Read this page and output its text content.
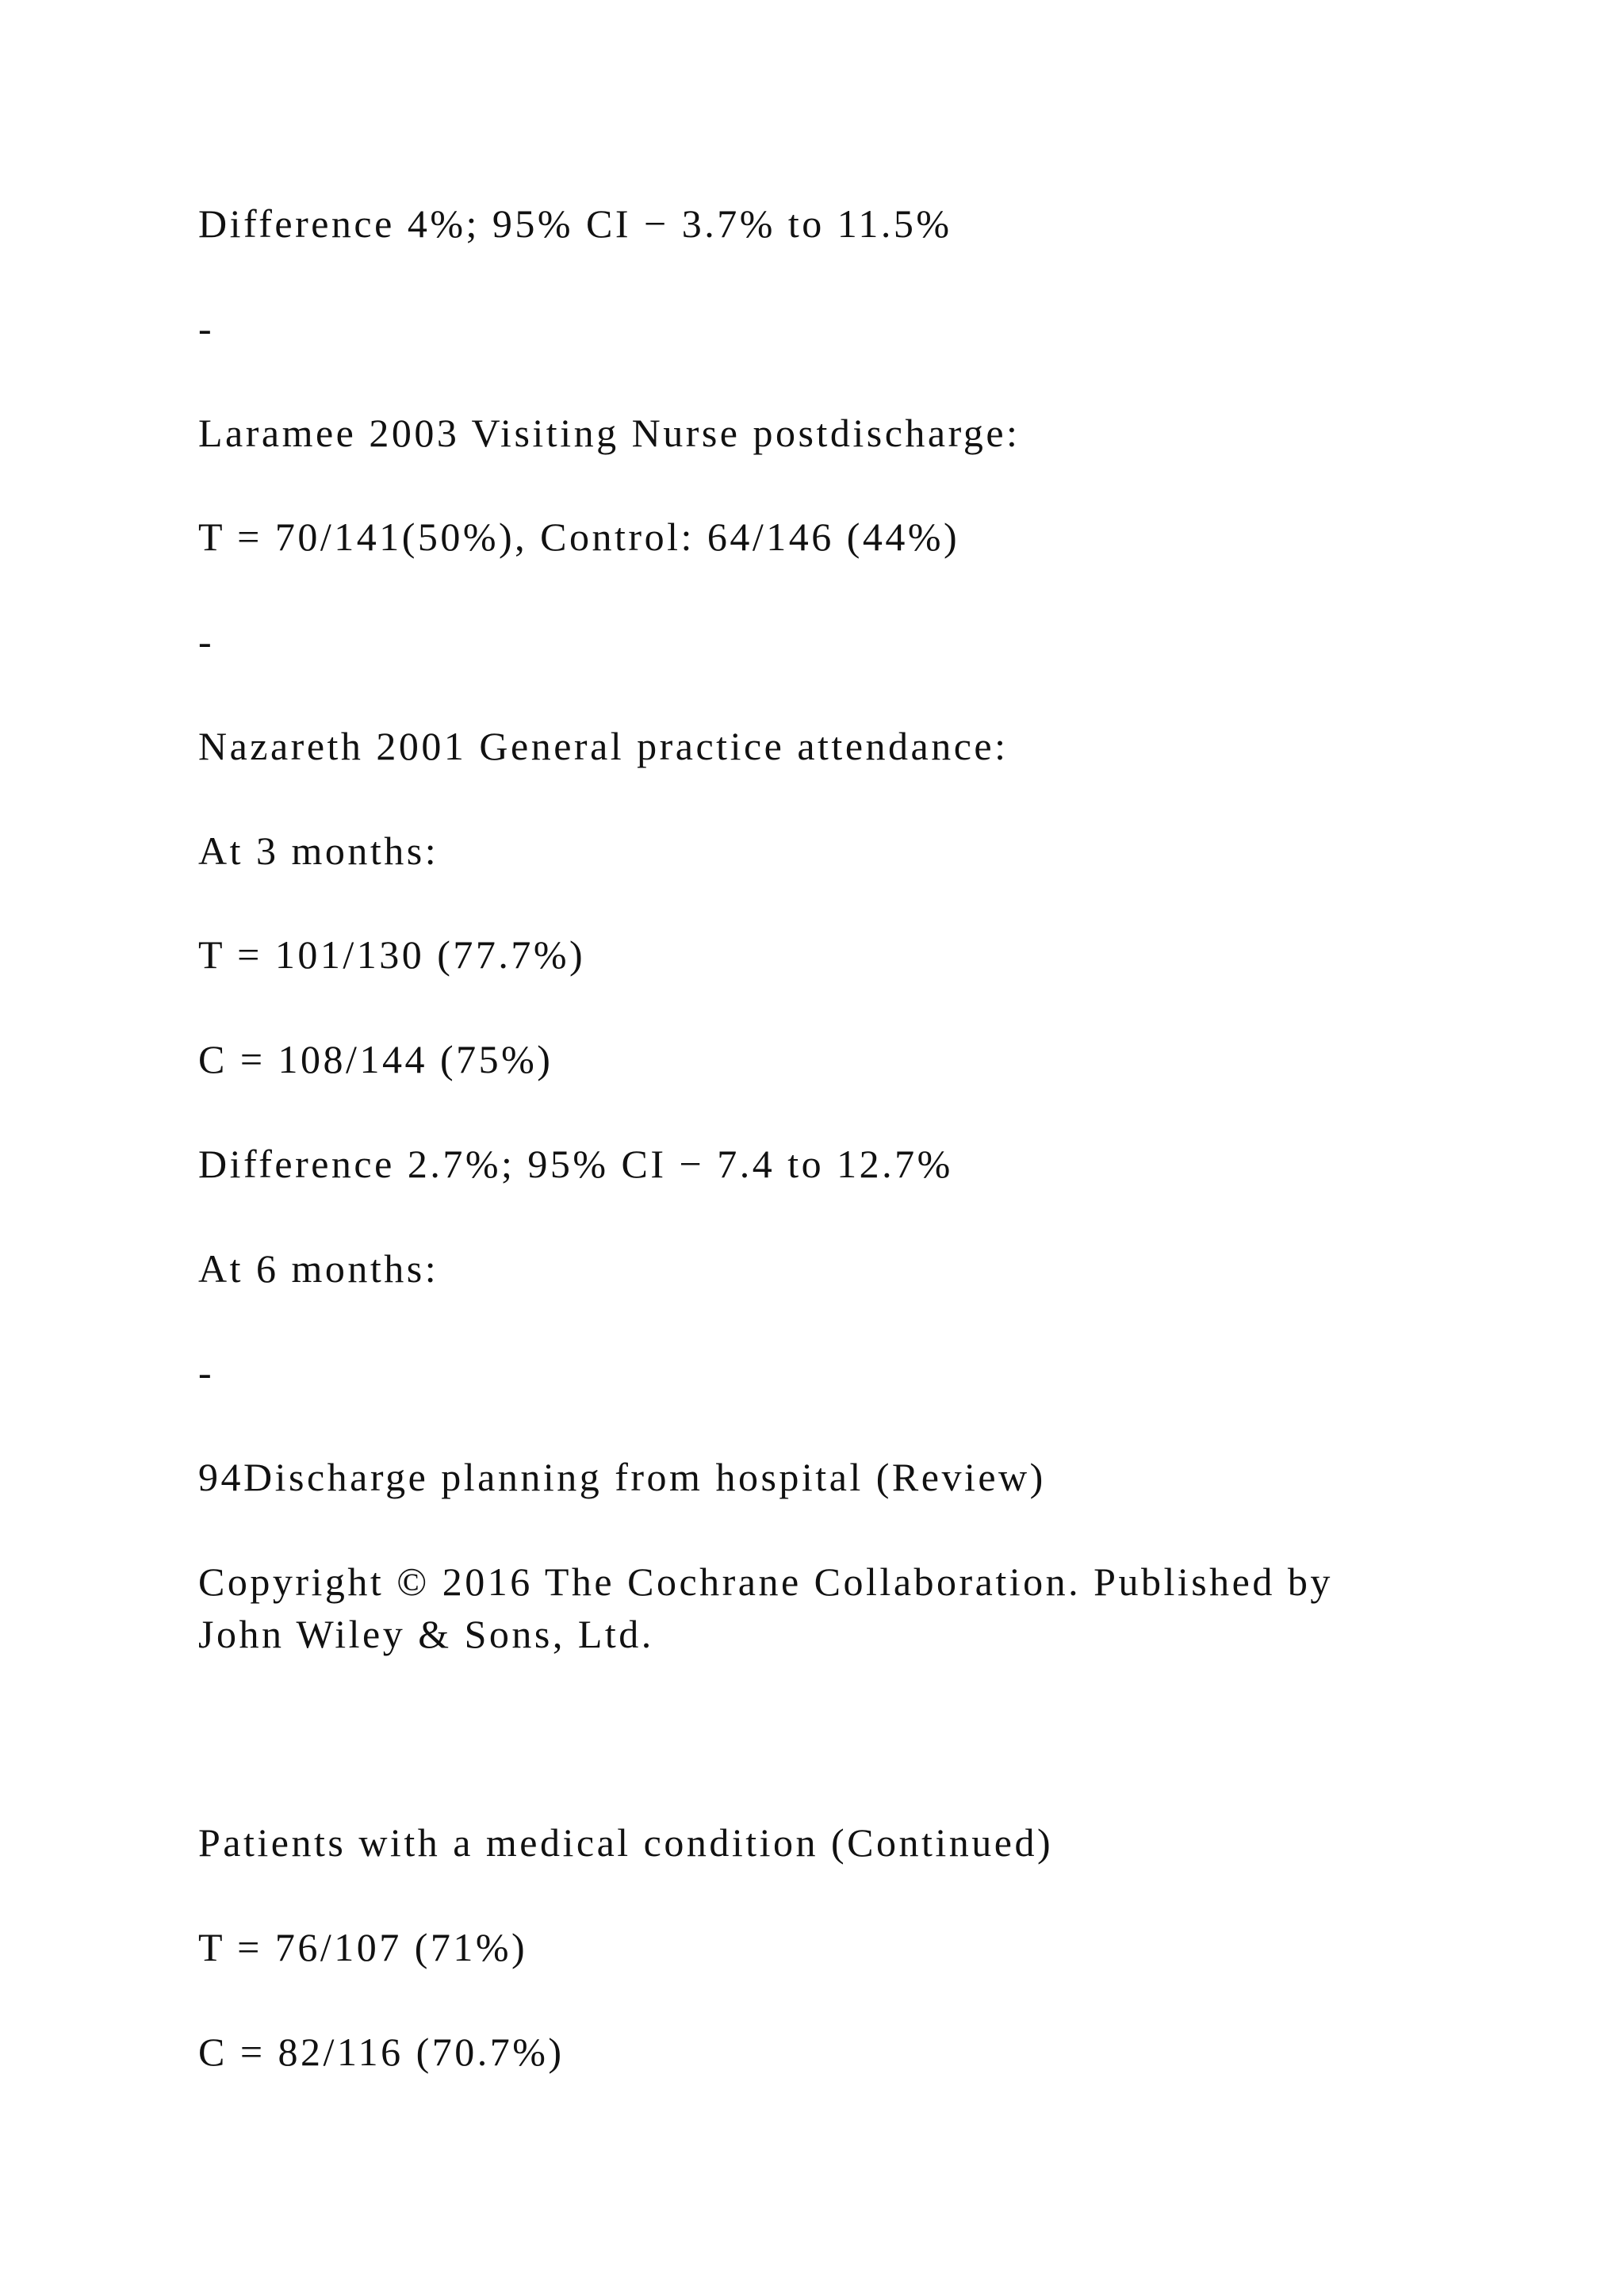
Difference 4%; 95% CI − 3.7% to 11.5%

-

Laramee 2003 Visiting Nurse postdischarge:

T = 70/141(50%), Control: 64/146 (44%)

-

Nazareth 2001 General practice attendance:

At 3 months:

T = 101/130 (77.7%)

C = 108/144 (75%)

Difference 2.7%; 95% CI − 7.4 to 12.7%

At 6 months:

-

94Discharge planning from hospital (Review)

Copyright © 2016 The Cochrane Collaboration. Published by

John Wiley & Sons, Ltd.

Patients with a medical condition (Continued)

T = 76/107 (71%)

C = 82/116 (70.7%)
